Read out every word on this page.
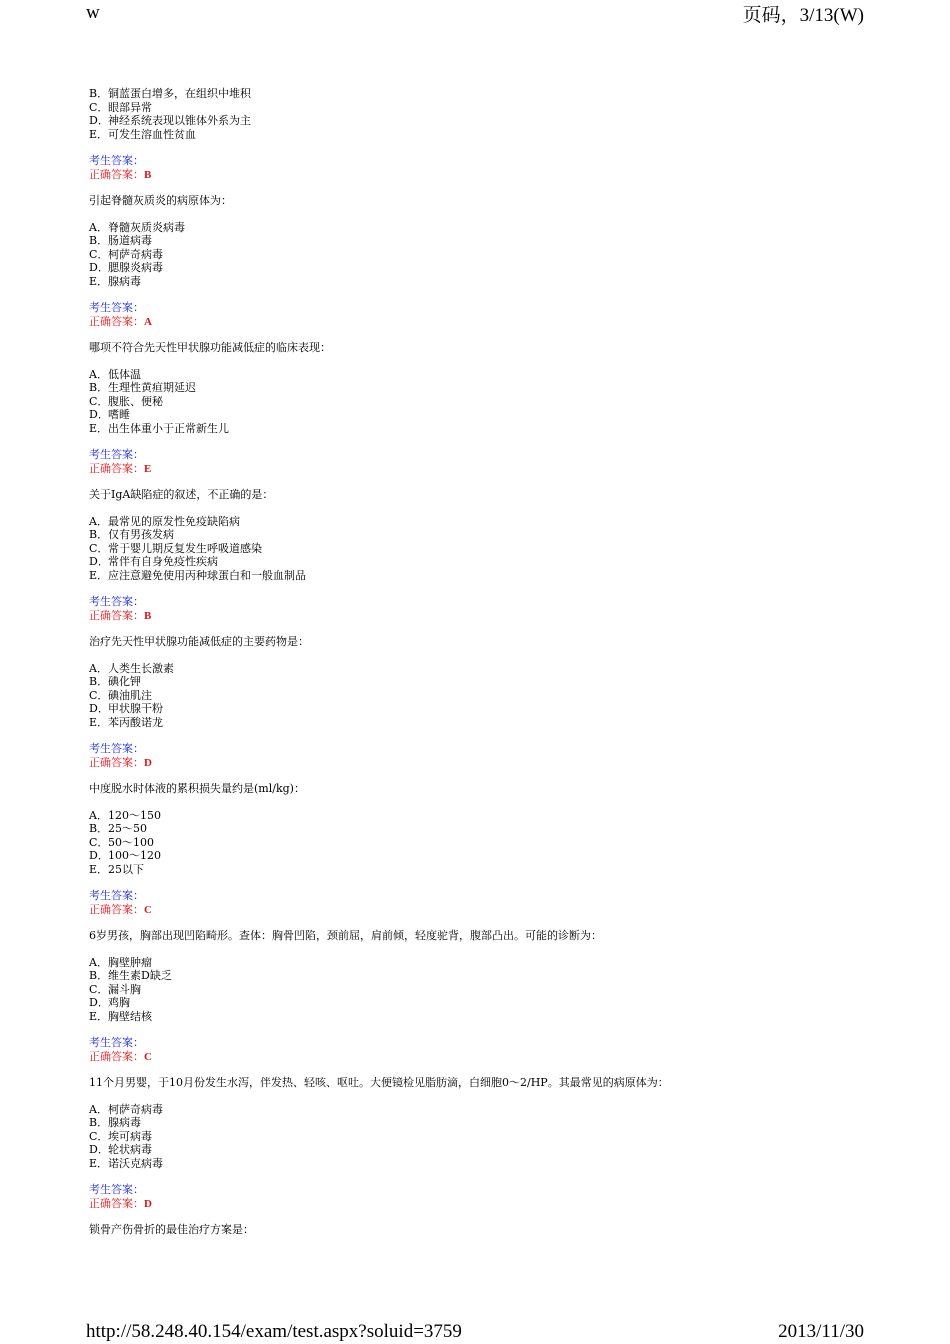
w	页码，3/13(W)
B．铜蓝蛋白增多，在组织中堆积
C．眼部异常
D．神经系统表现以锥体外系为主
E．可发生溶血性贫血
考生答案：
正确答案：B
引起脊髓灰质炎的病原体为：
A．脊髓灰质炎病毒
B．肠道病毒
C．柯萨奇病毒
D．腮腺炎病毒
E．腺病毒
考生答案：
正确答案：A
哪项不符合先天性甲状腺功能减低症的临床表现：
A．低体温
B．生理性黄疸期延迟
C．腹胀、便秘
D．嗜睡
E．出生体重小于正常新生儿
考生答案：
正确答案：E
关于IgA缺陷症的叙述，不正确的是：
A．最常见的原发性免疫缺陷病
B．仅有男孩发病
C．常于婴儿期反复发生呼吸道感染
D．常伴有自身免疫性疾病
E．应注意避免使用丙种球蛋白和一般血制品
考生答案：
正确答案：B
治疗先天性甲状腺功能减低症的主要药物是：
A．人类生长激素
B．碘化钾
C．碘油肌注
D．甲状腺干粉
E．苯丙酸诺龙
考生答案：
正确答案：D
中度脱水时体液的累积损失量约是(ml/kg)：
A．120～150
B．25～50
C．50～100
D．100～120
E．25以下
考生答案：
正确答案：C
6岁男孩，胸部出现凹陷畸形。查体：胸骨凹陷，颈前屈，肩前倾，轻度驼背，腹部凸出。可能的诊断为：
A．胸壁肿瘤
B．维生素D缺乏
C．漏斗胸
D．鸡胸
E．胸壁结核
考生答案：
正确答案：C
11个月男婴，于10月份发生水泻，伴发热、轻咳、呕吐。大便镜检见脂肪滴，白细胞0～2/HP。其最常见的病原体为：
A．柯萨奇病毒
B．腺病毒
C．埃可病毒
D．轮状病毒
E．诺沃克病毒
考生答案：
正确答案：D
锁骨产伤骨折的最佳治疗方案是：
http://58.248.40.154/exam/test.aspx?soluid=3759	2013/11/30
